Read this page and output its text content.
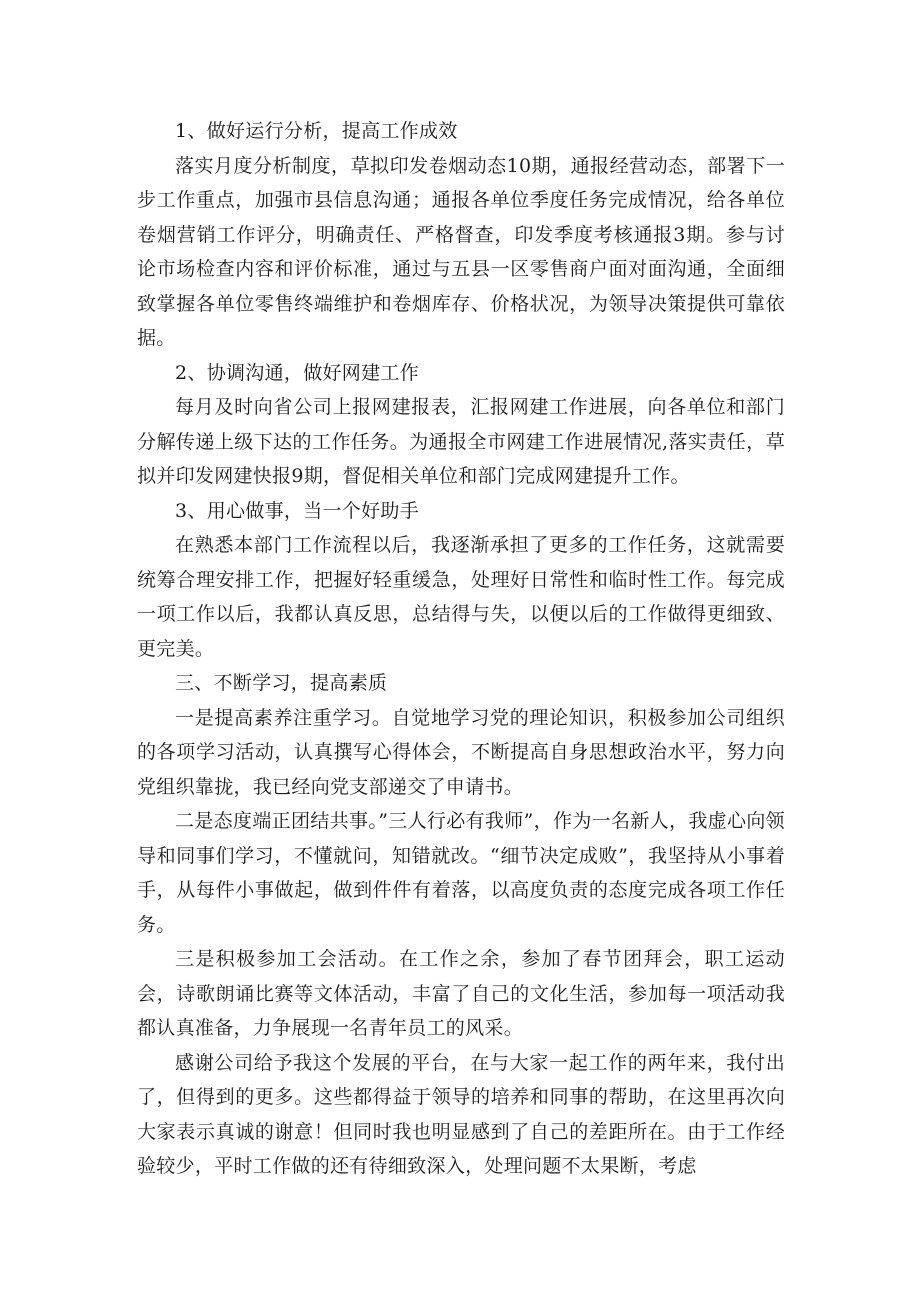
1、做好运行分析，提高工作成效

落实月度分析制度，草拟印发卷烟动态10期，通报经营动态，部署下一步工作重点，加强市县信息沟通；通报各单位季度任务完成情况，给各单位卷烟营销工作评分，明确责任、严格督查，印发季度考核通报3期。参与讨论市场检查内容和评价标准，通过与五县一区零售商户面对面沟通，全面细致掌握各单位零售终端维护和卷烟库存、价格状况，为领导决策提供可靠依据。

2、协调沟通，做好网建工作

每月及时向省公司上报网建报表，汇报网建工作进展，向各单位和部门分解传递上级下达的工作任务。为通报全市网建工作进展情况,落实责任，草拟并印发网建快报9期，督促相关单位和部门完成网建提升工作。

3、用心做事，当一个好助手

在熟悉本部门工作流程以后，我逐渐承担了更多的工作任务，这就需要统筹合理安排工作，把握好轻重缓急，处理好日常性和临时性工作。每完成一项工作以后，我都认真反思，总结得与失，以便以后的工作做得更细致、更完美。

三、不断学习，提高素质

一是提高素养注重学习。自觉地学习党的理论知识，积极参加公司组织的各项学习活动，认真撰写心得体会，不断提高自身思想政治水平，努力向党组织靠拢，我已经向党支部递交了申请书。

二是态度端正团结共事。”三人行必有我师”，作为一名新人，我虚心向领导和同事们学习，不懂就问，知错就改。“细节决定成败”，我坚持从小事着手，从每件小事做起，做到件件有着落，以高度负责的态度完成各项工作任务。

三是积极参加工会活动。在工作之余，参加了春节团拜会，职工运动会，诗歌朗诵比赛等文体活动，丰富了自己的文化生活，参加每一项活动我都认真准备，力争展现一名青年员工的风采。

感谢公司给予我这个发展的平台，在与大家一起工作的两年来，我付出了，但得到的更多。这些都得益于领导的培养和同事的帮助，在这里再次向大家表示真诚的谢意！但同时我也明显感到了自己的差距所在。由于工作经验较少，平时工作做的还有待细致深入，处理问题不太果断，考虑
